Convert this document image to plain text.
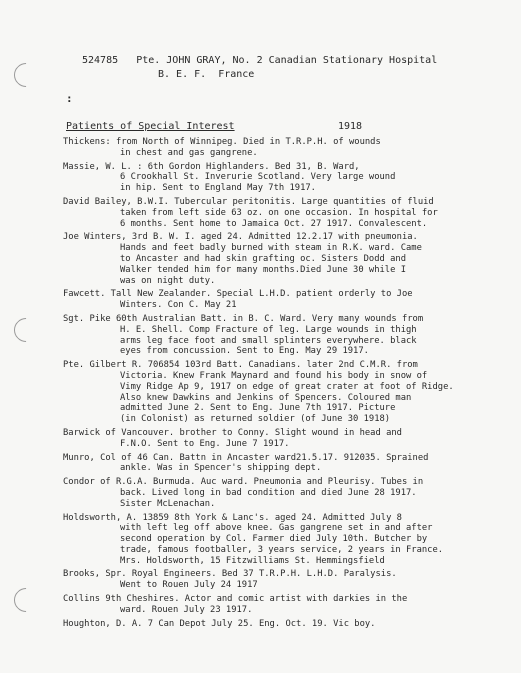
524785 Pte. JOHN GRAY, No. 2 Canadian Stationary Hospital
B. E. F.  France
:
Patients of Special Interest	1918
Thickens: from North of Winnipeg. Died in T.R.P.H. of wounds
in chest and gas gangrene.
Massie, W. L. : 6th Gordon Highlanders. Bed 31, B. Ward,
6 Crookhall St. Inverurie Scotland. Very large wound
in hip. Sent to England May 7th 1917.
David Bailey, B.W.I. Tubercular peritonitis. Large quantities of fluid
taken from left side 63 oz. on one occasion. In hospital for
6 months. Sent home to Jamaica Oct. 27 1917. Convalescent.
Joe Winters, 3rd B. W. I. aged 24. Admitted 12.2.17 with pneumonia.
Hands and feet badly burned with steam in R.K. ward. Came
to Ancaster and had skin grafting oc. Sisters Dodd and
Walker tended him for many months.Died June 30 while I
was on night duty.
Fawcett. Tall New Zealander. Special L.H.D. patient orderly to Joe
Winters. Con C. May 21
Sgt. Pike 60th Australian Batt. in B. C. Ward. Very many wounds from
H. E. Shell. Comp Fracture of leg. Large wounds in thigh
arms leg face foot and small splinters everywhere. black
eyes from concussion. Sent to Eng. May 29 1917.
Pte. Gilbert R. 706854 103rd Batt. Canadians. later 2nd C.M.R. from
Victoria. Knew Frank Maynard and found his body in snow of
Vimy Ridge Ap 9, 1917 on edge of great crater at foot of Ridge.
Also knew Dawkins and Jenkins of Spencers. Coloured man
admitted June 2. Sent to Eng. June 7th 1917. Picture
(in Colonist) as returned soldier (of June 30 1918)
Barwick of Vancouver. brother to Conny. Slight wound in head and
F.N.O. Sent to Eng. June 7 1917.
Munro, Col of 46 Can. Battn in Ancaster ward21.5.17. 912035. Sprained
ankle. Was in Spencer's shipping dept.
Condor of R.G.A. Burmuda. Auc ward. Pneumonia and Pleurisy. Tubes in
back. Lived long in bad condition and died June 28 1917.
Sister McLenachan.
Holdsworth, A. 13859 8th York & Lanc's. aged 24. Admitted July 8
with left leg off above knee. Gas gangrene set in and after
second operation by Col. Farmer died July 10th. Butcher by
trade, famous footballer, 3 years service, 2 years in France.
Mrs. Holdsworth, 15 Fitzwilliams St. Hemmingsfield
Brooks, Spr. Royal Engineers. Bed 37 T.R.P.H. L.H.D. Paralysis.
Went to Rouen July 24 1917
Collins 9th Cheshires. Actor and comic artist with darkies in the
ward. Rouen July 23 1917.
Houghton, D. A. 7 Can Depot July 25. Eng. Oct. 19. Vic boy.
